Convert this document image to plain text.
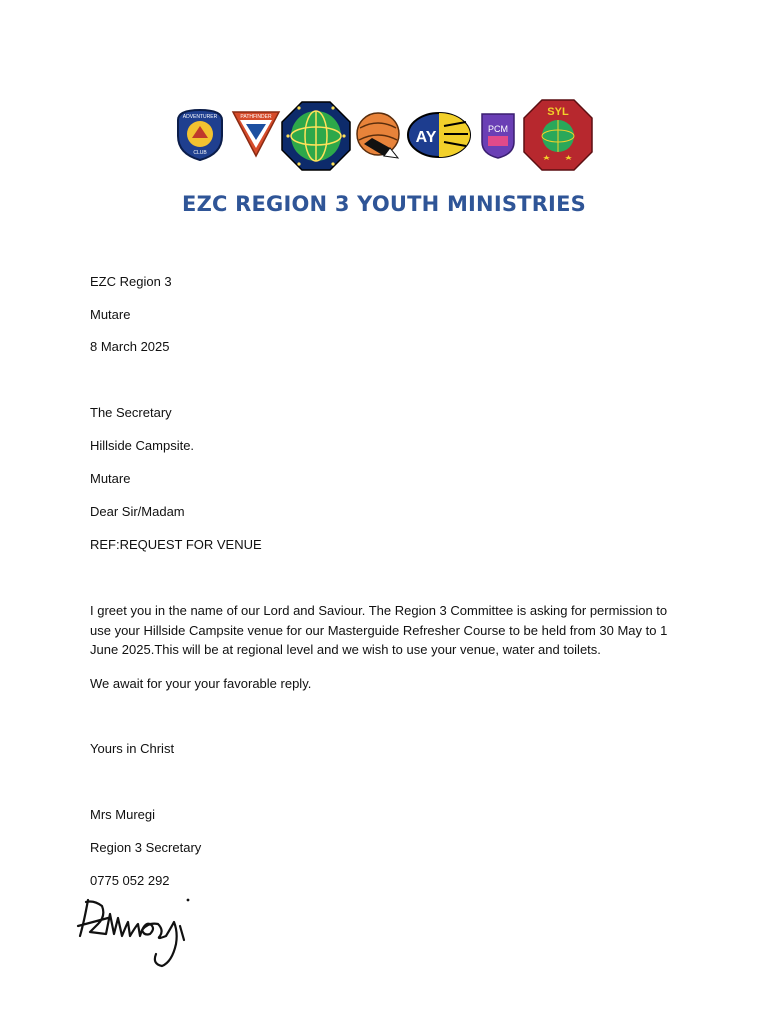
ADVENTURER
CLUB
PATHFINDER
AY	PCM
SYL
EZC REGION 3 YOUTH MINISTRIES
EZC Region 3
Mutare
8 March 2025
The Secretary
Hillside Campsite.
Mutare
Dear Sir/Madam
REF:REQUEST FOR VENUE
I greet you in the name of our Lord and Saviour. The Region 3 Committee is asking for permission to use your Hillside Campsite venue for our Masterguide Refresher Course to be held from 30 May to 1 June 2025.This will be at regional level and we wish to use your venue, water and toilets.
We await for your your favorable reply.
Yours in Christ
Mrs Muregi
Region 3 Secretary
0775 052 292
